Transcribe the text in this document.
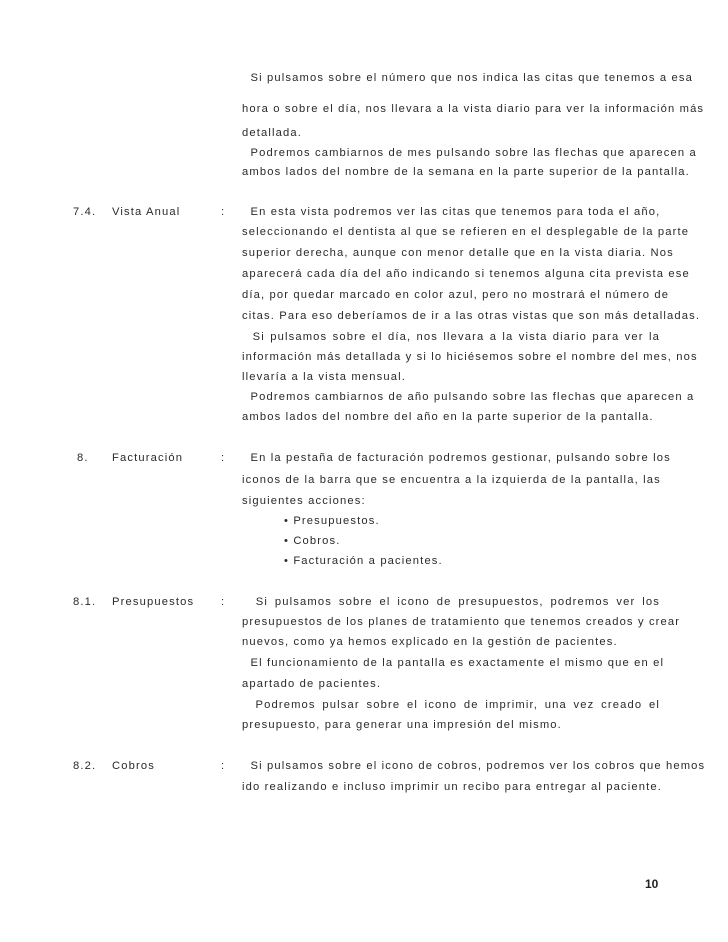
Si pulsamos sobre el número que nos indica las citas que tenemos a esa
hora o sobre el día, nos llevara a la vista diario para ver la información más
detallada.
Podremos cambiarnos de mes pulsando sobre las flechas que aparecen a
ambos lados del nombre de la semana en la parte superior de la pantalla.
7.4. Vista Anual	: En esta vista podremos ver las citas que tenemos para toda el año,
seleccionando el dentista al que se refieren en el desplegable de la parte
superior derecha, aunque con menor detalle que en la vista diaria. Nos
aparecerá cada día del año indicando si tenemos alguna cita prevista ese
día, por quedar marcado en color azul, pero no mostrará el número de
citas. Para eso deberíamos de ir a las otras vistas que son más detalladas.
Si pulsamos sobre el día, nos llevara a la vista diario para ver la
información más detallada y si lo hiciésemos sobre el nombre del mes, nos
llevaría a la vista mensual.
Podremos cambiarnos de año pulsando sobre las flechas que aparecen a
ambos lados del nombre del año en la parte superior de la pantalla.
8. Facturación	: En la pestaña de facturación podremos gestionar, pulsando sobre los
iconos de la barra que se encuentra a la izquierda de la pantalla, las
siguientes acciones:
• Presupuestos.
• Cobros.
• Facturación a pacientes.
8.1. Presupuestos : Si pulsamos sobre el icono de presupuestos, podremos ver los
presupuestos de los planes de tratamiento que tenemos creados y crear
nuevos, como ya hemos explicado en la gestión de pacientes.
El funcionamiento de la pantalla es exactamente el mismo que en el
apartado de pacientes.
Podremos pulsar sobre el icono de imprimir, una vez creado el
presupuesto, para generar una impresión del mismo.
8.2. Cobros	: Si pulsamos sobre el icono de cobros, podremos ver los cobros que hemos
ido realizando e incluso imprimir un recibo para entregar al paciente.
10
